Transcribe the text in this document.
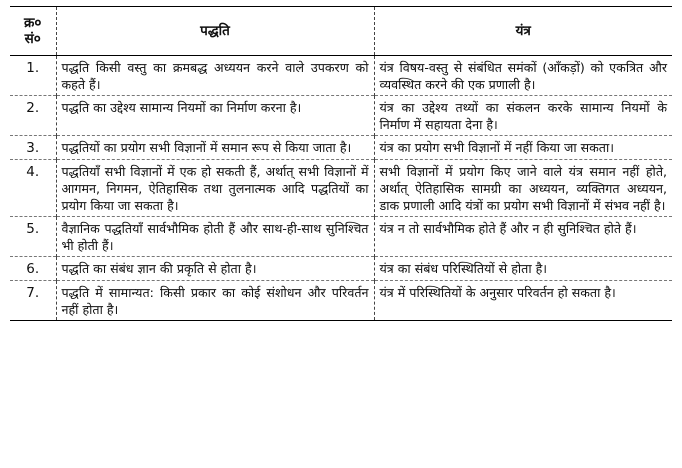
क्र०
सं०	पद्धति	यंत्र
1.	पद्धति किसी वस्तु का क्रमबद्ध अध्ययन करने वाले उपकरण को कहते हैं।	यंत्र विषय-वस्तु से संबंधित समंकों (आँकड़ों) को एकत्रित और व्यवस्थित करने की एक प्रणाली है।
2.	पद्धति का उद्देश्य सामान्य नियमों का निर्माण करना है।	यंत्र का उद्देश्य तथ्यों का संकलन करके सामान्य नियमों के निर्माण में सहायता देना है।
3.	पद्धतियों का प्रयोग सभी विज्ञानों में समान रूप से किया जाता है।	यंत्र का प्रयोग सभी विज्ञानों में नहीं किया जा सकता।
4.	पद्धतियाँ सभी विज्ञानों में एक हो सकती हैं, अर्थात् सभी विज्ञानों में आगमन, निगमन, ऐतिहासिक तथा तुलनात्मक आदि पद्धतियों का प्रयोग किया जा सकता है।	सभी विज्ञानों में प्रयोग किए जाने वाले यंत्र समान नहीं होते, अर्थात् ऐतिहासिक सामग्री का अध्ययन, व्यक्तिगत अध्ययन, डाक प्रणाली आदि यंत्रों का प्रयोग सभी विज्ञानों में संभव नहीं है।
5.	वैज्ञानिक पद्धतियाँ सार्वभौमिक होती हैं और साथ-ही-साथ सुनिश्चित भी होती हैं।	यंत्र न तो सार्वभौमिक होते हैं और न ही सुनिश्चित होते हैं।
6.	पद्धति का संबंध ज्ञान की प्रकृति से होता है।	यंत्र का संबंध परिस्थितियों से होता है।
7.	पद्धति में सामान्यत: किसी प्रकार का कोई संशोधन और परिवर्तन नहीं होता है।	यंत्र में परिस्थितियों के अनुसार परिवर्तन हो सकता है।
